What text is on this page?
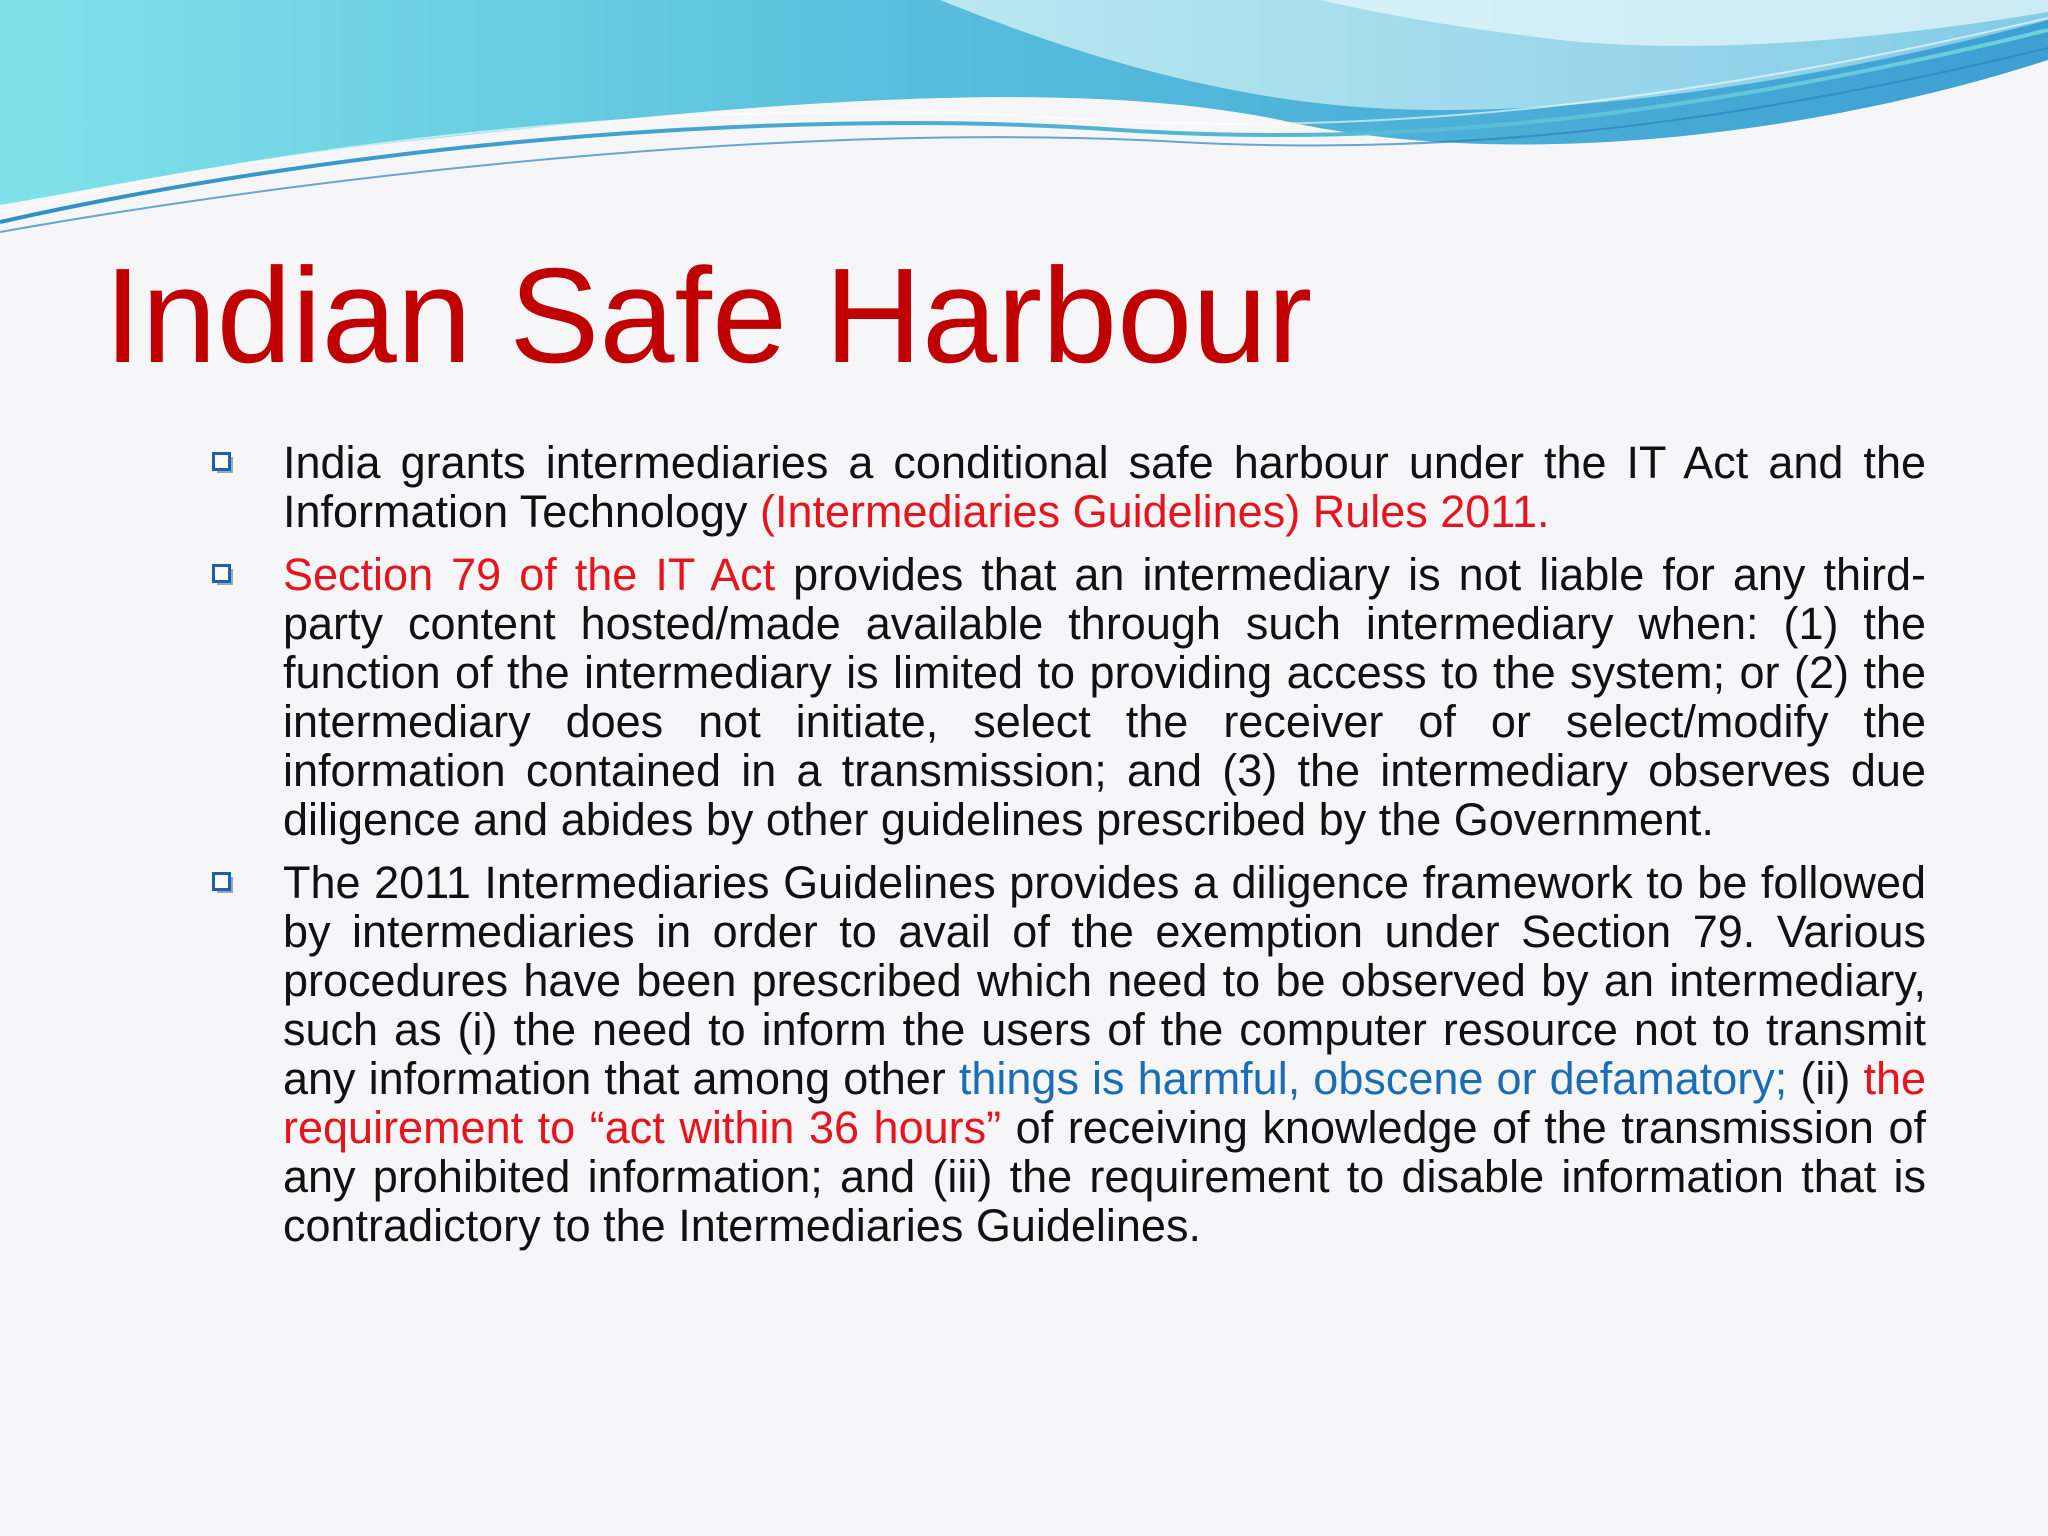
Indian Safe Harbour
India grants intermediaries a conditional safe harbour under the IT Act and the Information Technology (Intermediaries Guidelines) Rules 2011.
Section 79 of the IT Act provides that an intermediary is not liable for any third-party content hosted/made available through such intermediary when: (1) the function of the intermediary is limited to providing access to the system; or (2) the intermediary does not initiate, select the receiver of or select/modify the information contained in a transmission; and (3) the intermediary observes due diligence and abides by other guidelines prescribed by the Government.
The 2011 Intermediaries Guidelines provides a diligence framework to be followed by intermediaries in order to avail of the exemption under Section 79. Various procedures have been prescribed which need to be observed by an intermediary, such as (i) the need to inform the users of the computer resource not to transmit any information that among other things is harmful, obscene or defamatory; (ii) the requirement to “act within 36 hours” of receiving knowledge of the transmission of any prohibited information; and (iii) the requirement to disable information that is contradictory to the Intermediaries Guidelines.
